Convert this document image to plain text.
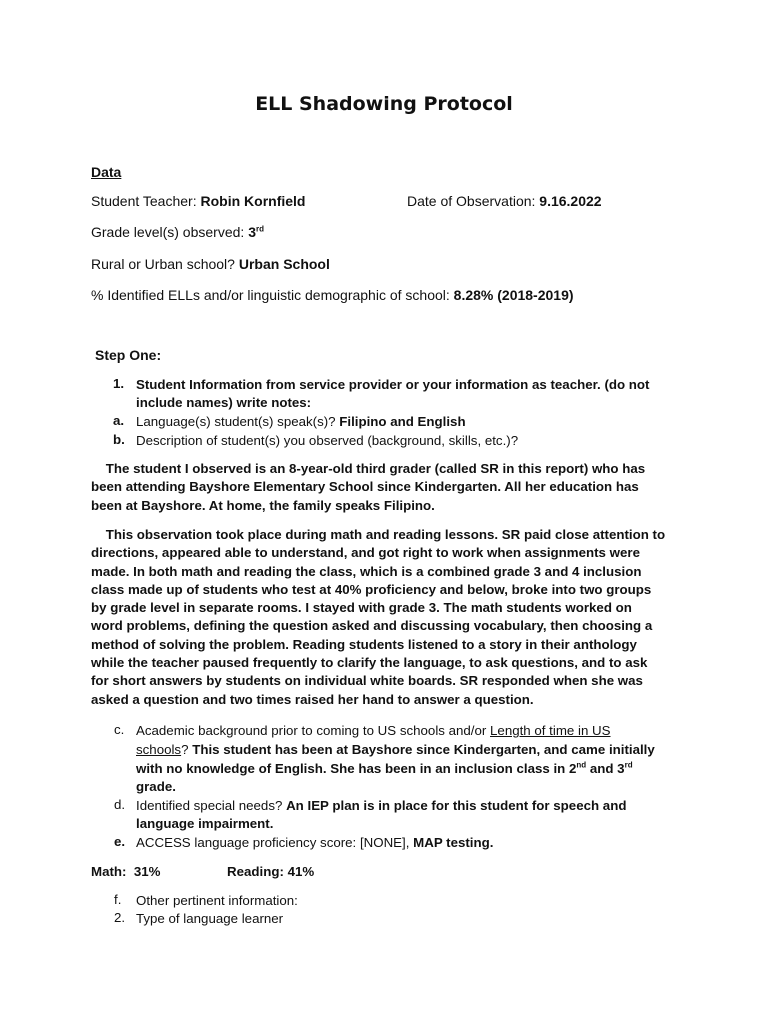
ELL Shadowing Protocol
Data
Student Teacher: Robin Kornfield	Date of Observation: 9.16.2022
Grade level(s) observed: 3rd
Rural or Urban school? Urban School
% Identified ELLs and/or linguistic demographic of school: 8.28% (2018-2019)
Step One:
1. Student Information from service provider or your information as teacher. (do not
include names) write notes:
a. Language(s) student(s) speak(s)? Filipino and English
b. Description of student(s) you observed (background, skills, etc.)?
The student I observed is an 8-year-old third grader (called SR in this report) who has
been attending Bayshore Elementary School since Kindergarten. All her education has
been at Bayshore. At home, the family speaks Filipino.
This observation took place during math and reading lessons. SR paid close attention to
directions, appeared able to understand, and got right to work when assignments were
made. In both math and reading the class, which is a combined grade 3 and 4 inclusion
class made up of students who test at 40% proficiency and below, broke into two groups
by grade level in separate rooms. I stayed with grade 3. The math students worked on
word problems, defining the question asked and discussing vocabulary, then choosing a
method of solving the problem. Reading students listened to a story in their anthology
while the teacher paused frequently to clarify the language, to ask questions, and to ask
for short answers by students on individual white boards. SR responded when she was
asked a question and two times raised her hand to answer a question.
c. Academic background prior to coming to US schools and/or Length of time in US
schools? This student has been at Bayshore since Kindergarten, and came initially
with no knowledge of English. She has been in an inclusion class in 2nd and 3rd
grade.
d. Identified special needs? An IEP plan is in place for this student for speech and
language impairment.
e. ACCESS language proficiency score: [NONE], MAP testing.
Math:  31%	Reading: 41%
f. Other pertinent information:
2. Type of language learner
